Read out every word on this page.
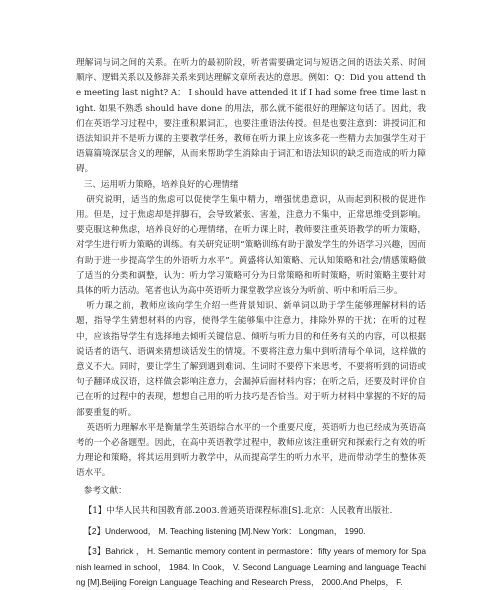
理解词与词之间的关系。在听力的最初阶段，听者需要确定词与短语之间的语法关系、时间顺序、逻辑关系以及修辞关系来到达理解文章所表达的意思。例如：Q：Did you attend the meeting last night? A： I should have attended it if I had some free time last night. 如果不熟悉 should have done 的用法，那么就不能很好的理解这句话了。因此，我们在英语学习过程中，要注重积累词汇，也要注重语法传授。但是也要注意到：讲授词汇和语法知识并不是听力课的主要教学任务，教师在听力课上应该多花一些精力去加强学生对于语篇篇境深层含义的理解，从而来帮助学生消除由于词汇和语法知识的缺乏而造成的听力障碍。

三、运用听力策略，培养良好的心理情绪

研究说明，适当的焦虑可以促使学生集中精力，增强忧患意识，从而起到积极的促进作用。但是，过于焦虑却是拌脚石，会导致紧张、害羞，注意力不集中，正常思维受到影响。要克服这种焦虑，培养良好的心理情绪，在听力课上时，教师要注重英语教学的听力策略，对学生进行听力策略的训练。有关研究证明“策略训练有助于激发学生的外语学习兴趣，因而有助于进一步提高学生的外语听力水平”。黄盛将认知策略、元认知策略和社会/情感策略做了适当的分类和调整，认为：听力学习策略可分为日常策略和听时策略，听时策略主要针对具体的听力活动。笔者也认为高中英语听力课堂教学应该分为听前、听中和听后三步。

听力课之前，教师应该向学生介绍一些背景知识、新单词以助于学生能够理解材料的话题，指导学生猜想材料的内容，使得学生能够集中注意力，排除外界的干扰；在听的过程中，应该指导学生有选择地去倾听关键信息、倾听与听力目的和任务有关的内容，可以根据说话者的语气、语调来猜想谈话发生的情境。不要将注意力集中到听清每个单词，这样做的意义不大。同时，要让学生了解到遇到难词、生词时不要停下来思考，不要将听到的词语或句子翻译成汉语，这样做会影响注意力，会漏掉后面材料内容；在听之后，还要及时评价自己在听的过程中的表现，想想自己用的听力技巧是否恰当。对于听力材料中掌握的不好的局部要重复的听。

英语听力理解水平是衡量学生英语综合水平的一个重要尺度，英语听力也已经成为英语高考的一个必备题型。因此，在高中英语教学过程中，教师应该注重研究和探索行之有效的听力理论和策略，将其运用到听力教学中，从而提高学生的听力水平，进而带动学生的整体英语水平。

参考文献：

【1】中华人民共和国教育部.2003.普通英语课程标准[S].北京：人民教育出版社.

【2】Underwood， M. Teaching listening [M].New York： Longman， 1990.

【3】Bahrick ， H. Semantic memory content in permastore：fifty years of memory for Spanish learned in school， 1984. In Cook， V. Second Language Learning and language Teaching [M].Beijing Foreign Language Teaching and Research Press， 2000.And Phelps， F.
